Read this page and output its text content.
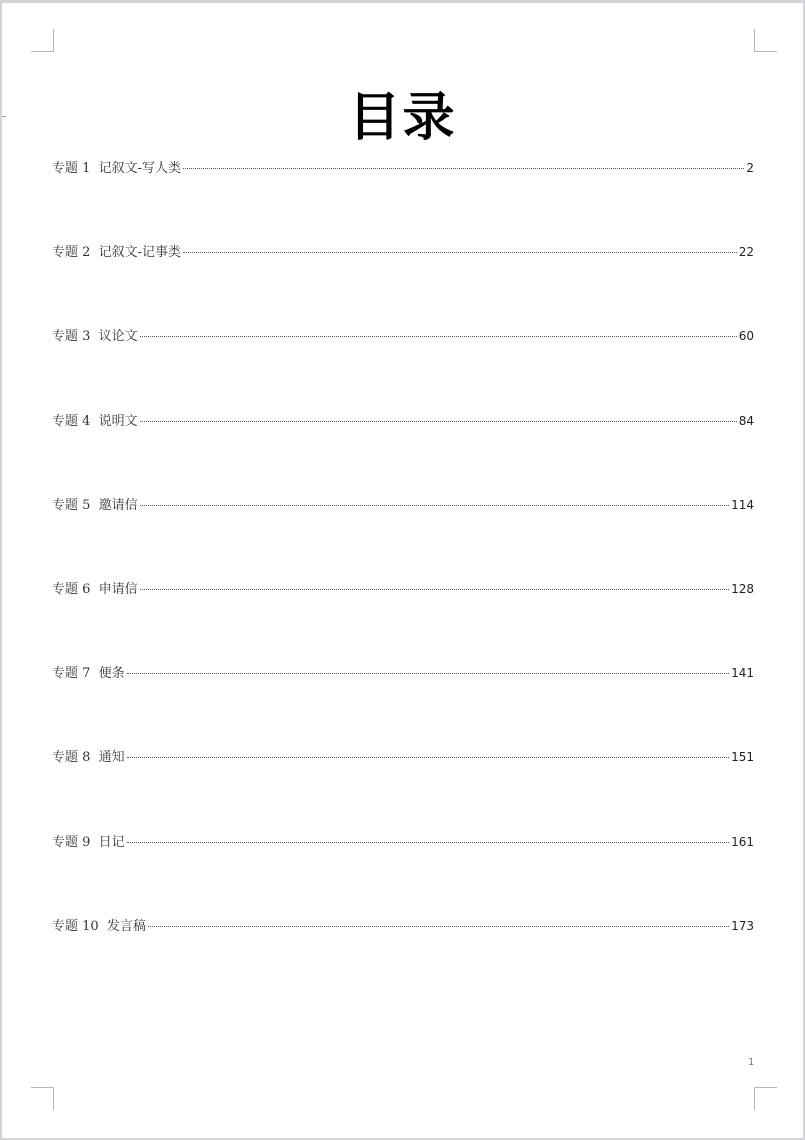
目录
专题 1  记叙文-写人类	2
专题 2  记叙文-记事类	22
专题 3  议论文	60
专题 4  说明文	84
专题 5  邀请信	114
专题 6  申请信	128
专题 7  便条	141
专题 8  通知	151
专题 9  日记	161
专题 10  发言稿	173
1
